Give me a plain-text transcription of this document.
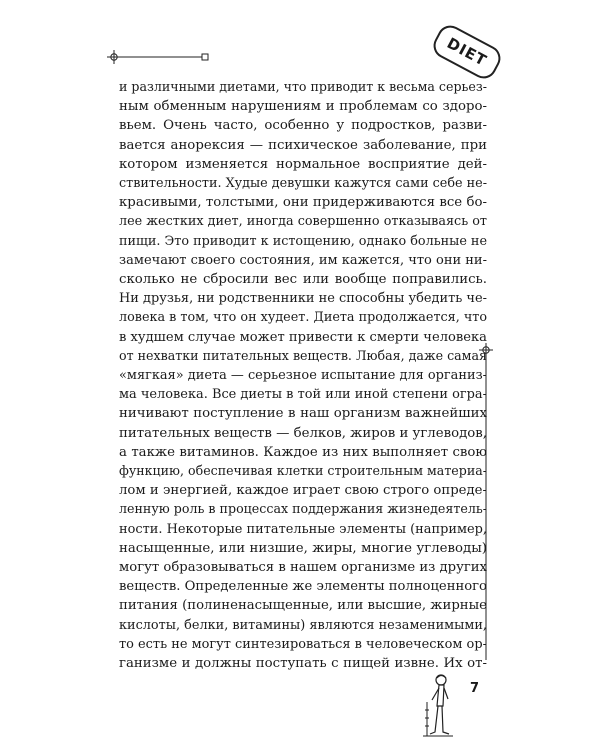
DIET
и различными диетами, что приводит к весьма серьез-
ным обменным нарушениям и проблемам со здоро-
вьем. Очень часто, особенно у подростков, разви-
вается анорексия — психическое заболевание, при
котором изменяется нормальное восприятие дей-
ствительности. Худые девушки кажутся сами себе не-
красивыми, толстыми, они придерживаются все бо-
лее жестких диет, иногда совершенно отказываясь от
пищи. Это приводит к истощению, однако больные не
замечают своего состояния, им кажется, что они ни-
сколько не сбросили вес или вообще поправились.
Ни друзья, ни родственники не способны убедить че-
ловека в том, что он худеет. Диета продолжается, что
в худшем случае может привести к смерти человека
от нехватки питательных веществ. Любая, даже самая
«мягкая» диета — серьезное испытание для организ-
ма человека. Все диеты в той или иной степени огра-
ничивают поступление в наш организм важнейших
питательных веществ — белков, жиров и углеводов,
а также витаминов. Каждое из них выполняет свою
функцию, обеспечивая клетки строительным материа-
лом и энергией, каждое играет свою строго опреде-
ленную роль в процессах поддержания жизнедеятель-
ности. Некоторые питательные элементы (например,
насыщенные, или низшие, жиры, многие углеводы)
могут образовываться в нашем организме из других
веществ. Определенные же элементы полноценного
питания (полиненасыщенные, или высшие, жирные
кислоты, белки, витамины) являются незаменимыми,
то есть не могут синтезироваться в человеческом ор-
ганизме и должны поступать с пищей извне. Их от-
7
